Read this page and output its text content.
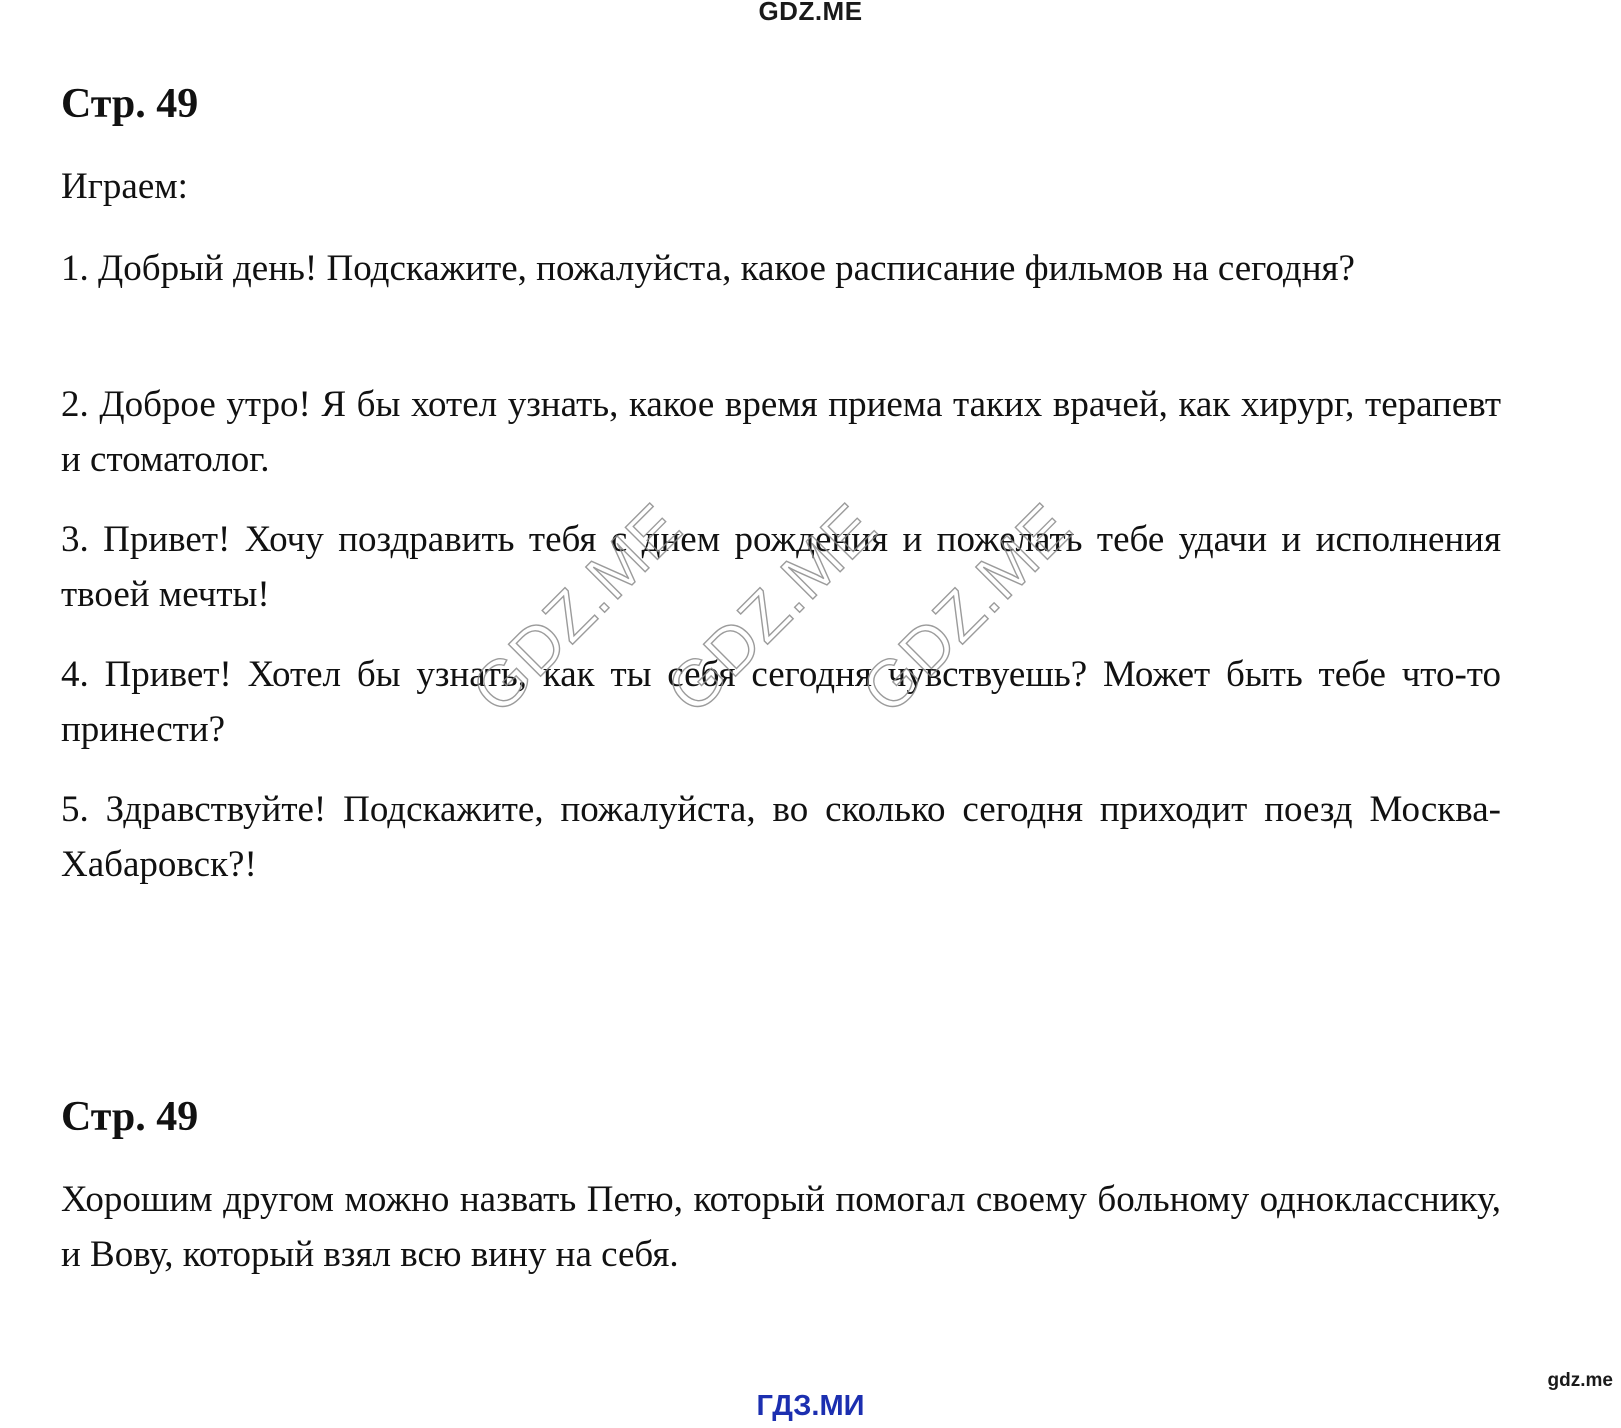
GDZ.ME
Стр. 49
Играем:
1. Добрый день! Подскажите, пожалуйста, какое расписание фильмов на сегодня?
2. Доброе утро! Я бы хотел узнать, какое время приема таких врачей, как хирург, терапевт и стоматолог.
3. Привет! Хочу поздравить тебя с днем рождения и пожелать тебе удачи и исполнения твоей мечты!
4. Привет! Хотел бы узнать, как ты себя сегодня чувствуешь? Может быть тебе что-то принести?
5. Здравствуйте! Подскажите, пожалуйста, во сколько сегодня приходит поезд Москва-Хабаровск?!
Стр. 49
Хорошим другом можно назвать Петю, который помогал своему больному однокласснику, и Вову, который взял всю вину на себя.
GDZ.ME
GDZ.ME
GDZ.ME
gdz.me
ГДЗ.МИ
